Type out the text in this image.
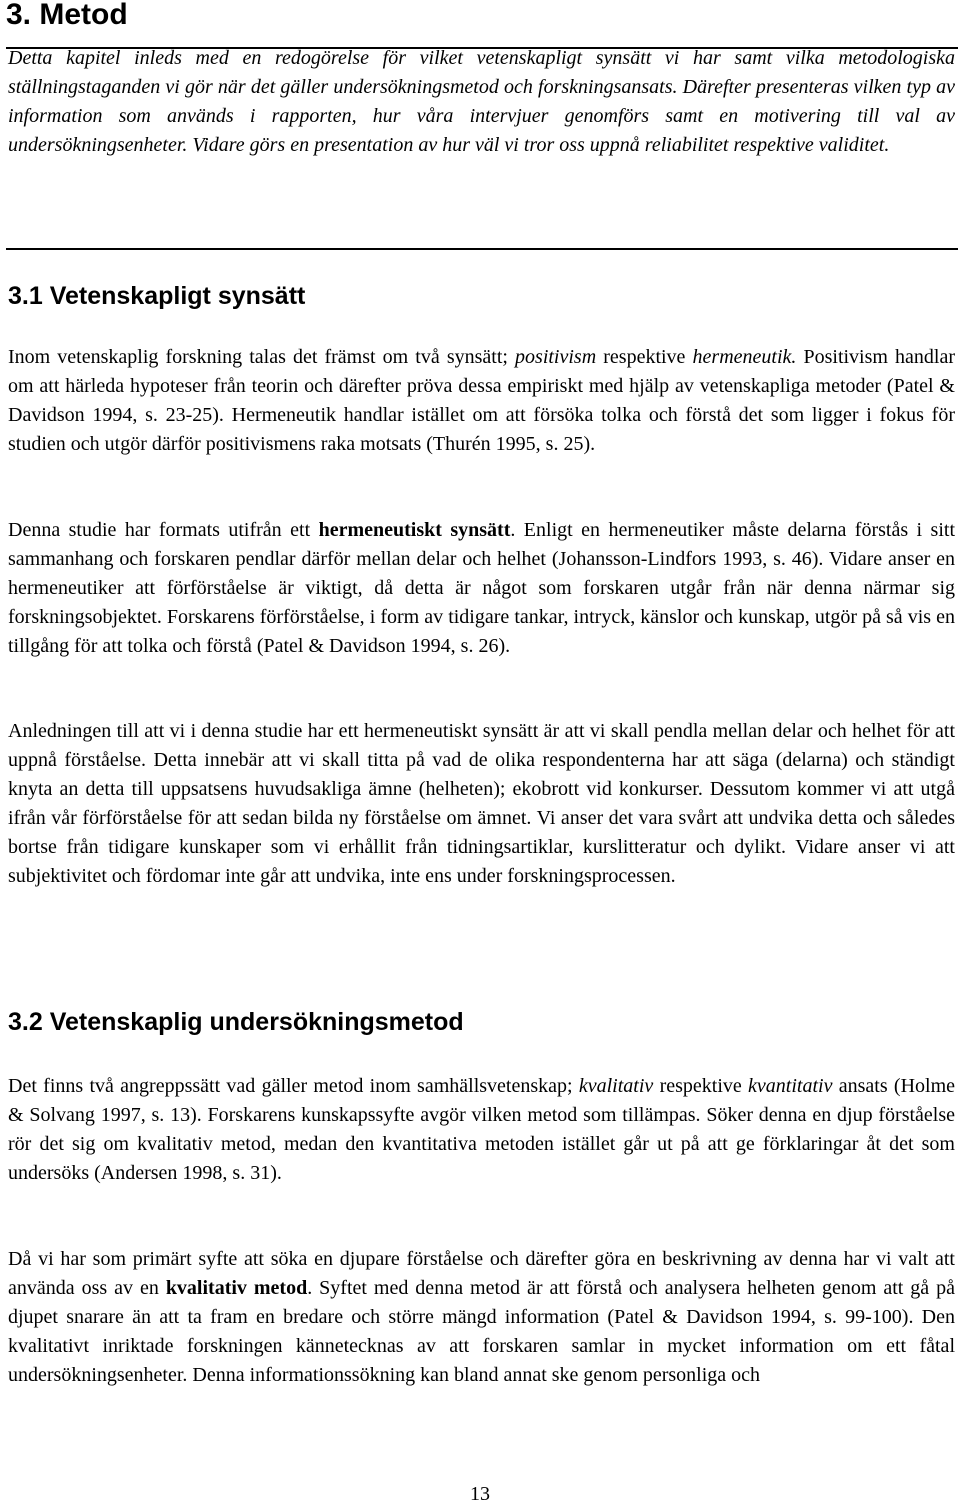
3. Metod

Detta kapitel inleds med en redogörelse för vilket vetenskapligt synsätt vi har samt vilka metodologiska ställningstaganden vi gör när det gäller undersökningsmetod och forskningsansats. Därefter presenteras vilken typ av information som används i rapporten, hur våra intervjuer genomförs samt en motivering till val av undersökningsenheter. Vidare görs en presentation av hur väl vi tror oss uppnå reliabilitet respektive validitet.

3.1 Vetenskapligt synsätt

Inom vetenskaplig forskning talas det främst om två synsätt; positivism respektive hermeneutik. Positivism handlar om att härleda hypoteser från teorin och därefter pröva dessa empiriskt med hjälp av vetenskapliga metoder (Patel & Davidson 1994, s. 23-25). Hermeneutik handlar istället om att försöka tolka och förstå det som ligger i fokus för studien och utgör därför positivismens raka motsats (Thurén 1995, s. 25).

Denna studie har formats utifrån ett hermeneutiskt synsätt. Enligt en hermeneutiker måste delarna förstås i sitt sammanhang och forskaren pendlar därför mellan delar och helhet (Johansson-Lindfors 1993, s. 46). Vidare anser en hermeneutiker att förförståelse är viktigt, då detta är något som forskaren utgår från när denna närmar sig forskningsobjektet. Forskarens förförståelse, i form av tidigare tankar, intryck, känslor och kunskap, utgör på så vis en tillgång för att tolka och förstå (Patel & Davidson 1994, s. 26).

Anledningen till att vi i denna studie har ett hermeneutiskt synsätt är att vi skall pendla mellan delar och helhet för att uppnå förståelse. Detta innebär att vi skall titta på vad de olika respondenterna har att säga (delarna) och ständigt knyta an detta till uppsatsens huvudsakliga ämne (helheten); ekobrott vid konkurser. Dessutom kommer vi att utgå ifrån vår förförståelse för att sedan bilda ny förståelse om ämnet. Vi anser det vara svårt att undvika detta och således bortse från tidigare kunskaper som vi erhållit från tidningsartiklar, kurslitteratur och dylikt. Vidare anser vi att subjektivitet och fördomar inte går att undvika, inte ens under forskningsprocessen.

3.2 Vetenskaplig undersökningsmetod

Det finns två angreppssätt vad gäller metod inom samhällsvetenskap; kvalitativ respektive kvantitativ ansats (Holme & Solvang 1997, s. 13). Forskarens kunskapssyfte avgör vilken metod som tillämpas. Söker denna en djup förståelse rör det sig om kvalitativ metod, medan den kvantitativa metoden istället går ut på att ge förklaringar åt det som undersöks (Andersen 1998, s. 31).

Då vi har som primärt syfte att söka en djupare förståelse och därefter göra en beskrivning av denna har vi valt att använda oss av en kvalitativ metod. Syftet med denna metod är att förstå och analysera helheten genom att gå på djupet snarare än att ta fram en bredare och större mängd information (Patel & Davidson 1994, s. 99-100). Den kvalitativt inriktade forskningen kännetecknas av att forskaren samlar in mycket information om ett fåtal undersökningsenheter. Denna informationssökning kan bland annat ske genom personliga och

13
